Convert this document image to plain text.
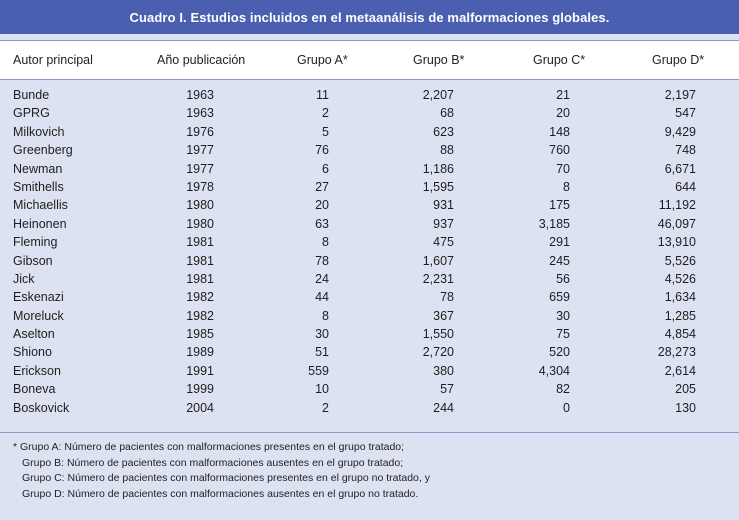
Cuadro I. Estudios incluidos en el metaanálisis de malformaciones globales.
Autor principal	Año publicación	Grupo A*	Grupo B*	Grupo C*	Grupo D*
Bunde	1963	11	2,207	21	2,197
GPRG	1963	2	68	20	547
Milkovich	1976	5	623	148	9,429
Greenberg	1977	76	88	760	748
Newman	1977	6	1,186	70	6,671
Smithells	1978	27	1,595	8	644
Michaellis	1980	20	931	175	11,192
Heinonen	1980	63	937	3,185	46,097
Fleming	1981	8	475	291	13,910
Gibson	1981	78	1,607	245	5,526
Jick	1981	24	2,231	56	4,526
Eskenazi	1982	44	78	659	1,634
Moreluck	1982	8	367	30	1,285
Aselton	1985	30	1,550	75	4,854
Shiono	1989	51	2,720	520	28,273
Erickson	1991	559	380	4,304	2,614
Boneva	1999	10	57	82	205
Boskovick	2004	2	244	0	130
* Grupo A: Número de pacientes con malformaciones presentes en el grupo tratado;
Grupo B: Número de pacientes con malformaciones ausentes en el grupo tratado;
Grupo C: Número de pacientes con malformaciones presentes en el grupo no tratado, y
Grupo D: Número de pacientes con malformaciones ausentes en el grupo no tratado.
